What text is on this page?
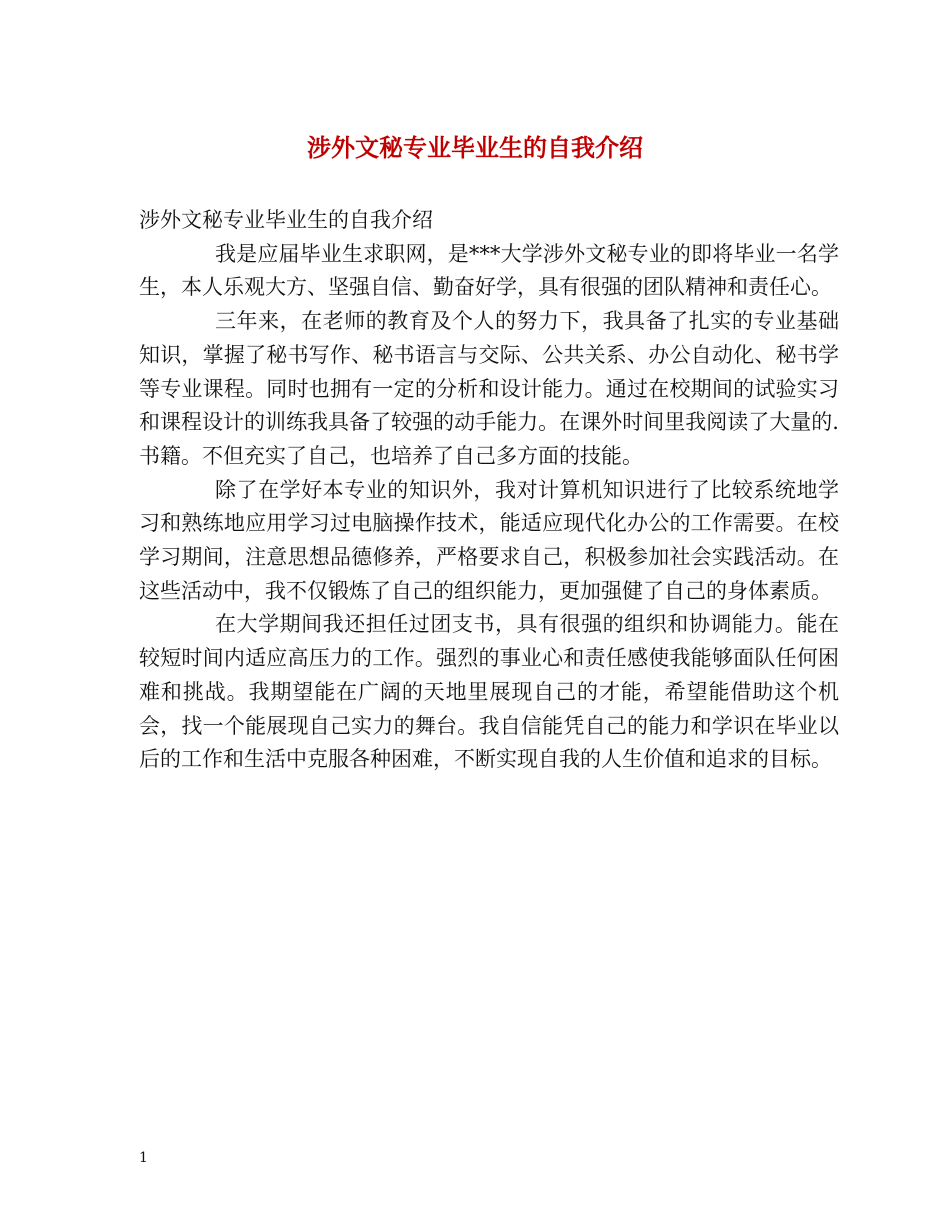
涉外文秘专业毕业生的自我介绍

涉外文秘专业毕业生的自我介绍

我是应届毕业生求职网，是***大学涉外文秘专业的即将毕业一名学生，本人乐观大方、坚强自信、勤奋好学，具有很强的团队精神和责任心。

三年来，在老师的教育及个人的努力下，我具备了扎实的专业基础知识，掌握了秘书写作、秘书语言与交际、公共关系、办公自动化、秘书学等专业课程。同时也拥有一定的分析和设计能力。通过在校期间的试验实习和课程设计的训练我具备了较强的动手能力。在课外时间里我阅读了大量的. 书籍。不但充实了自己，也培养了自己多方面的技能。

除了在学好本专业的知识外，我对计算机知识进行了比较系统地学习和熟练地应用学习过电脑操作技术，能适应现代化办公的工作需要。在校学习期间，注意思想品德修养，严格要求自己，积极参加社会实践活动。在这些活动中，我不仅锻炼了自己的组织能力，更加强健了自己的身体素质。

在大学期间我还担任过团支书，具有很强的组织和协调能力。能在较短时间内适应高压力的工作。强烈的事业心和责任感使我能够面队任何困难和挑战。我期望能在广阔的天地里展现自己的才能，希望能借助这个机会，找一个能展现自己实力的舞台。我自信能凭自己的能力和学识在毕业以后的工作和生活中克服各种困难，不断实现自我的人生价值和追求的目标。

1
